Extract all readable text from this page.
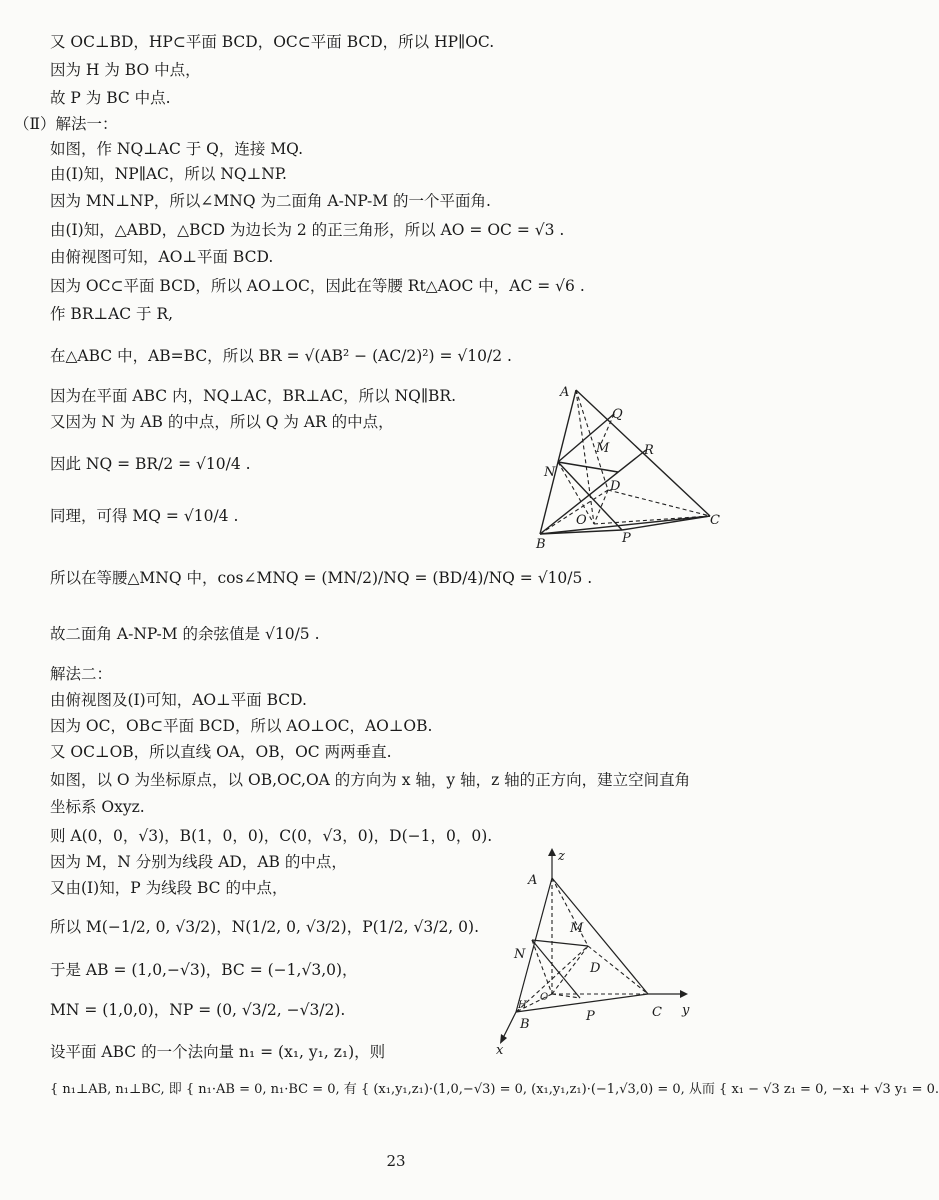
又 OC⊥BD，HP⊂平面 BCD，OC⊂平面 BCD，所以 HP∥OC.
因为 H 为 BO 中点，
故 P 为 BC 中点.
（Ⅱ）解法一：
如图，作 NQ⊥AC 于 Q，连接 MQ.
由(Ⅰ)知，NP∥AC，所以 NQ⊥NP.
因为 MN⊥NP，所以∠MNQ 为二面角 A-NP-M 的一个平面角.
由(Ⅰ)知，△ABD，△BCD 为边长为 2 的正三角形，所以 AO = OC = √3 .
由俯视图可知，AO⊥平面 BCD.
因为 OC⊂平面 BCD，所以 AO⊥OC，因此在等腰 Rt△AOC 中，AC = √6 .
作 BR⊥AC 于 R,
在△ABC 中，AB=BC，所以 BR = √(AB² − (AC/2)²) = √10/2 .
因为在平面 ABC 内，NQ⊥AC，BR⊥AC，所以 NQ∥BR.
又因为 N 为 AB 的中点，所以 Q 为 AR 的中点，
因此 NQ = BR/2 = √10/4 .
同理，可得 MQ = √10/4 .
所以在等腰△MNQ 中，cos∠MNQ = (MN/2)/NQ = (BD/4)/NQ = √10/5 .
故二面角 A-NP-M 的余弦值是 √10/5 .
解法二：
由俯视图及(Ⅰ)可知，AO⊥平面 BCD.
因为 OC，OB⊂平面 BCD，所以 AO⊥OC，AO⊥OB.
又 OC⊥OB，所以直线 OA，OB，OC 两两垂直.
如图，以 O 为坐标原点，以 OB,OC,OA 的方向为 x 轴，y 轴，z 轴的正方向，建立空间直角
坐标系 Oxyz.
则 A(0，0，√3)，B(1，0，0)，C(0，√3，0)，D(−1，0，0).
因为 M，N 分别为线段 AD，AB 的中点，
又由(Ⅰ)知，P 为线段 BC 的中点，
所以 M(−1/2, 0, √3/2)，N(1/2, 0, √3/2)，P(1/2, √3/2, 0).
于是 AB = (1,0,−√3)，BC = (−1,√3,0)，
MN = (1,0,0)，NP = (0, √3/2, −√3/2).
设平面 ABC 的一个法向量 n₁ = (x₁, y₁, z₁)，则
{ n₁⊥AB, n₁⊥BC, 即 { n₁·AB = 0, n₁·BC = 0, 有 { (x₁,y₁,z₁)·(1,0,−√3) = 0, (x₁,y₁,z₁)·(−1,√3,0) = 0, 从而 { x₁ − √3 z₁ = 0, −x₁ + √3 y₁ = 0.
A
Q
M	R
N
D
B
O
P
C
z
A
M
N
D
O
H
B
P	C y
x
23
